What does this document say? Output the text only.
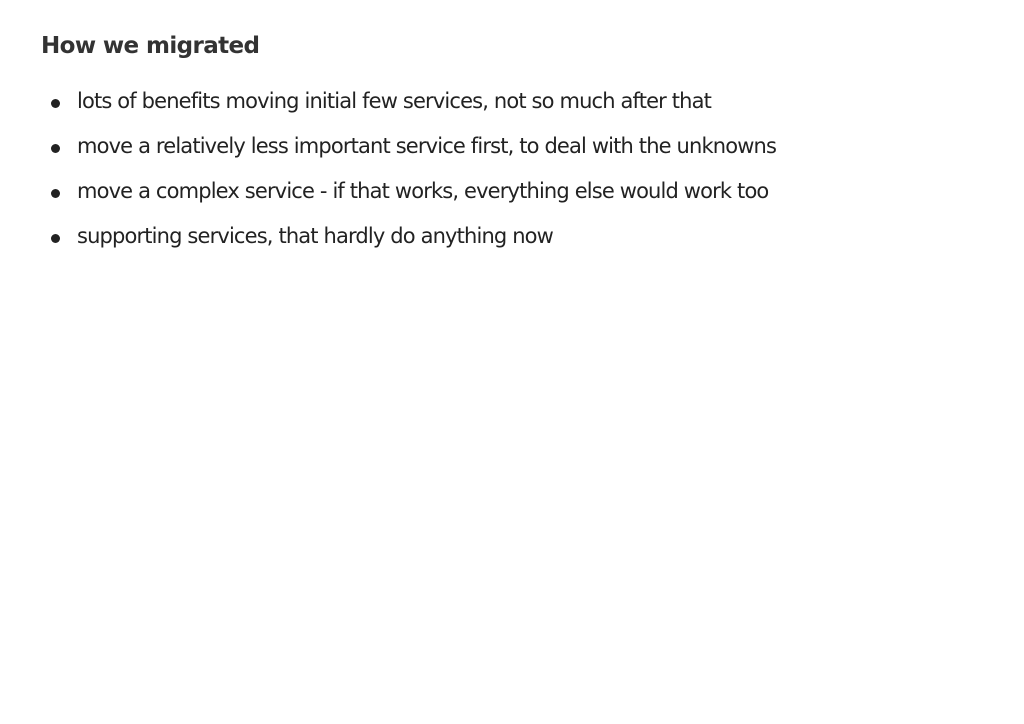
How we migrated
lots of benefits moving initial few services, not so much after that
move a relatively less important service first, to deal with the unknowns
move a complex service - if that works, everything else would work too
supporting services, that hardly do anything now
